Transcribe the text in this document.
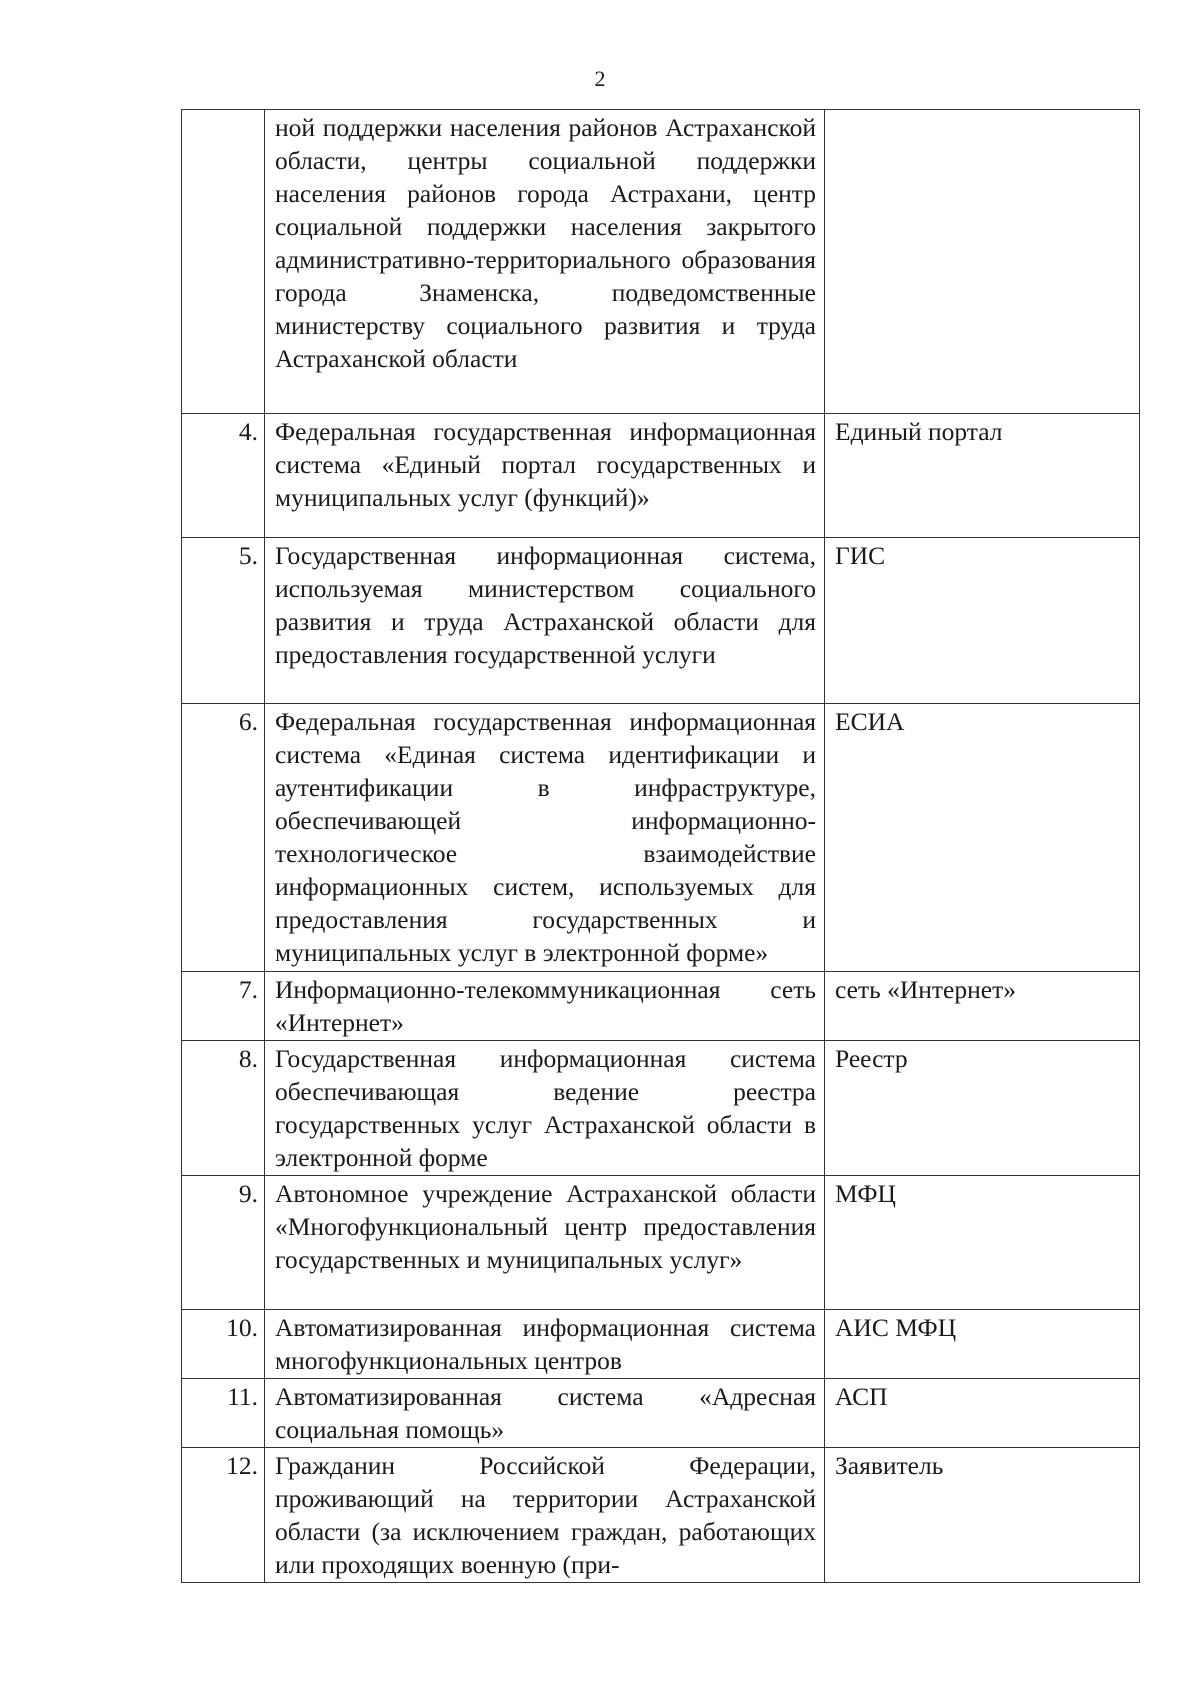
2
	ной поддержки населения районов Астраханской области, центры социальной поддержки населения районов города Астрахани, центр социальной поддержки населения закрытого административно-территориального образования города Знаменска, подведомственные министерству социального развития и труда Астраханской области	
4.	Федеральная государственная информационная система «Единый портал государственных и муниципальных услуг (функций)»	Единый портал
5.	Государственная информационная система, используемая министерством социального развития и труда Астраханской области для предоставления государственной услуги	ГИС
6.	Федеральная государственная информационная система «Единая система идентификации и аутентификации в инфраструктуре, обеспечивающей информационно-технологическое взаимодействие информационных систем, используемых для предоставления государственных и муниципальных услуг в электронной форме»	ЕСИА
7.	Информационно-телекоммуникационная сеть «Интернет»	сеть «Интернет»
8.	Государственная информационная система обеспечивающая ведение реестра государственных услуг Астраханской области в электронной форме	Реестр
9.	Автономное учреждение Астраханской области «Многофункциональный центр предоставления государственных и муниципальных услуг»	МФЦ
10.	Автоматизированная информационная система многофункциональных центров	АИС МФЦ
11.	Автоматизированная система «Адресная социальная помощь»	АСП
12.	Гражданин Российской Федерации, проживающий на территории Астраханской области (за исключением граждан, работающих или проходящих военную (при-	Заявитель
